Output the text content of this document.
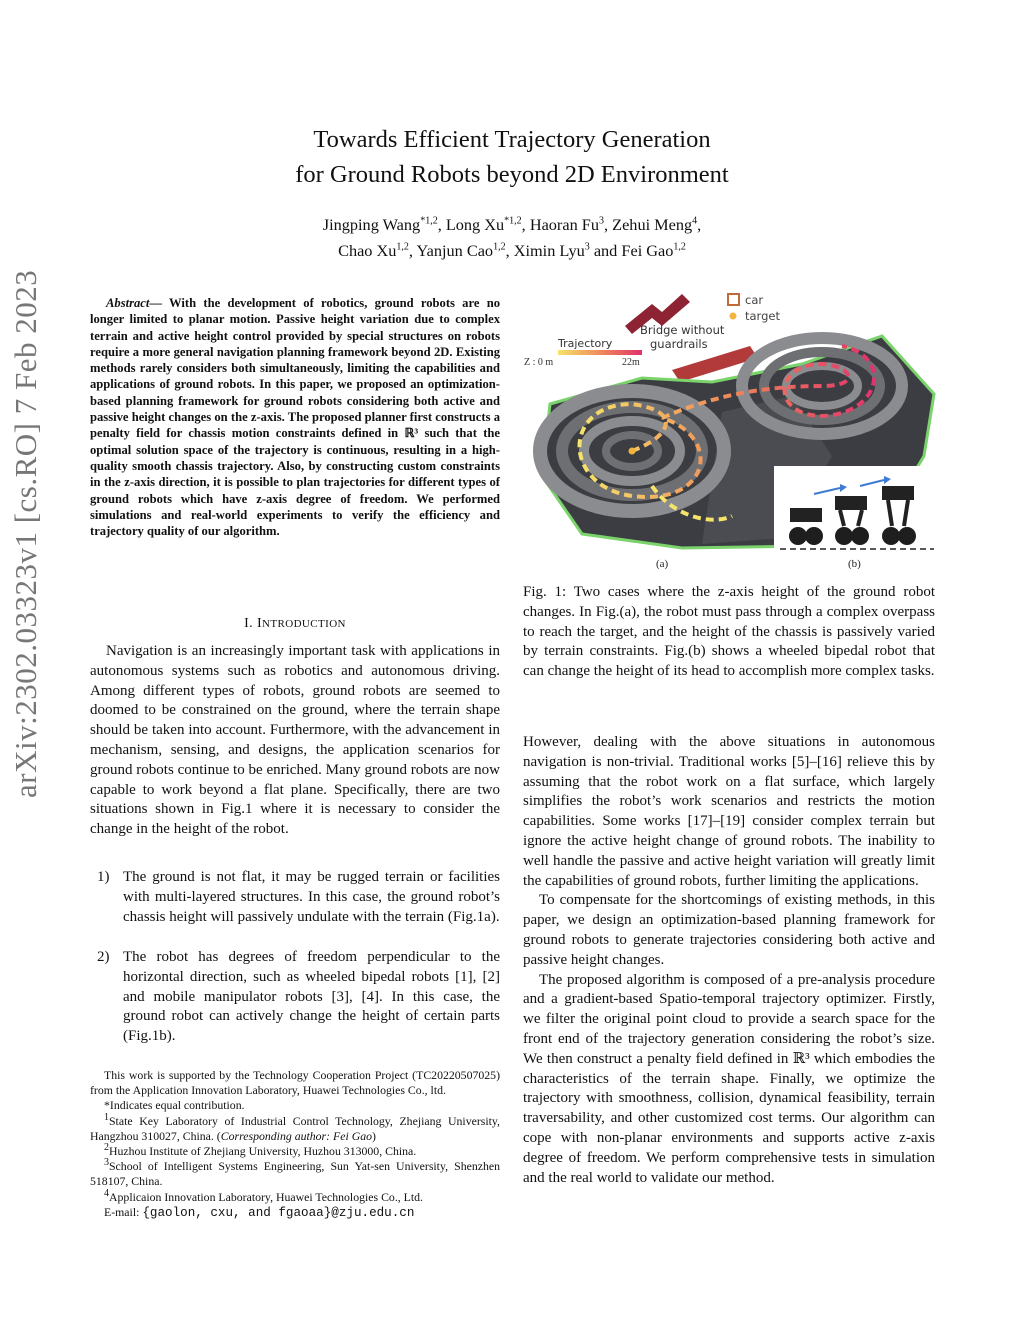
arXiv:2302.03323v1 [cs.RO] 7 Feb 2023
Towards Efficient Trajectory Generation
for Ground Robots beyond 2D Environment
Jingping Wang$^{*1,2}$, Long Xu$^{*1,2}$, Haoran Fu$^3$, Zehui Meng$^4$,
Chao Xu$^{1,2}$, Yanjun Cao$^{1,2}$, Ximin Lyu$^3$ and Fei Gao$^{1,2}$
Abstract— With the development of robotics, ground robots are no longer limited to planar motion. Passive height variation due to complex terrain and active height control provided by special structures on robots require a more general navigation planning framework beyond 2D. Existing methods rarely considers both simultaneously, limiting the capabilities and applications of ground robots. In this paper, we proposed an optimization-based planning framework for ground robots considering both active and passive height changes on the z-axis. The proposed planner first constructs a penalty field for chassis motion constraints defined in ℝ³ such that the optimal solution space of the trajectory is continuous, resulting in a high-quality smooth chassis trajectory. Also, by constructing custom constraints in the z-axis direction, it is possible to plan trajectories for different types of ground robots which have z-axis degree of freedom. We performed simulations and real-world experiments to verify the efficiency and trajectory quality of our algorithm.
I. INTRODUCTION

Navigation is an increasingly important task with applications in autonomous systems such as robotics and autonomous driving. Among different types of robots, ground robots are seemed to doomed to be constrained on the ground, where the terrain shape should be taken into account. Furthermore, with the advancement in mechanism, sensing, and designs, the application scenarios for ground robots continue to be enriched. Many ground robots are now capable to work beyond a flat plane. Specifically, there are two situations shown in Fig.1 where it is necessary to consider the change in the height of the robot.

1) The ground is not flat, it may be rugged terrain or facilities with multi-layered structures. In this case, the ground robot’s chassis height will passively undulate with the terrain (Fig.1a).
2) The robot has degrees of freedom perpendicular to the horizontal direction, such as wheeled bipedal robots [1], [2] and mobile manipulator robots [3], [4]. In this case, the ground robot can actively change the height of certain parts (Fig.1b).

This work is supported by the Technology Cooperation Project (TC20220507025) from the Application Innovation Laboratory, Huawei Technologies Co., ltd.

*Indicates equal contribution.

$^1$State Key Laboratory of Industrial Control Technology, Zhejiang University, Hangzhou 310027, China. (Corresponding author: Fei Gao)

$^2$Huzhou Institute of Zhejiang University, Huzhou 313000, China.

$^3$School of Intelligent Systems Engineering, Sun Yat-sen University, Shenzhen 518107, China.

$^4$Applicaion Innovation Laboratory, Huawei Technologies Co., Ltd.

E-mail: {gaolon, cxu, and fgaoaa}@zju.edu.cn

Trajectory
Z : 0 m	22m
Bridge without
guardrails
car
target
(a)	(b)
Fig. 1: Two cases where the z-axis height of the ground robot changes. In Fig.(a), the robot must pass through a complex overpass to reach the target, and the height of the chassis is passively varied by terrain constraints. Fig.(b) shows a wheeled bipedal robot that can change the height of its head to accomplish more complex tasks.

However, dealing with the above situations in autonomous navigation is non-trivial. Traditional works [5]–[16] relieve this by assuming that the robot work on a flat surface, which largely simplifies the robot’s work scenarios and restricts the motion capabilities. Some works [17]–[19] consider complex terrain but ignore the active height change of ground robots. The inability to well handle the passive and active height variation will greatly limit the capabilities of ground robots, further limiting the applications.

To compensate for the shortcomings of existing methods, in this paper, we design an optimization-based planning framework for ground robots to generate trajectories considering both active and passive height changes.

The proposed algorithm is composed of a pre-analysis procedure and a gradient-based Spatio-temporal trajectory optimizer. Firstly, we filter the original point cloud to provide a search space for the front end of the trajectory generation considering the robot’s size. We then construct a penalty field defined in ℝ³ which embodies the characteristics of the terrain shape. Finally, we optimize the trajectory with smoothness, collision, dynamical feasibility, terrain traversability, and other customized cost terms. Our algorithm can cope with non-planar environments and supports active z-axis degree of freedom. We perform comprehensive tests in simulation and the real world to validate our method.
